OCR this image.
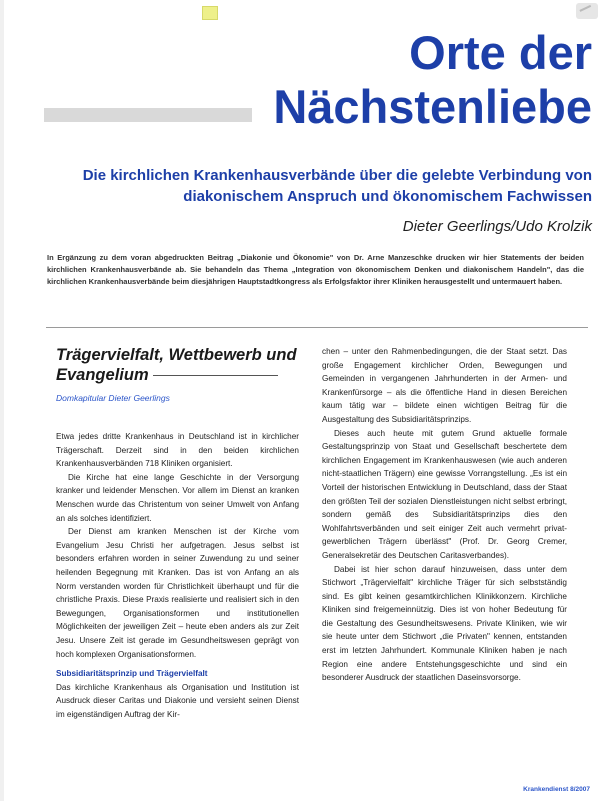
Orte der
Nächstenliebe
Die kirchlichen Krankenhausverbände über die gelebte Verbindung von
diakonischem Anspruch und ökonomischem Fachwissen
Dieter Geerlings/Udo Krolzik
In Ergänzung zu dem voran abgedruckten Beitrag „Diakonie und Ökonomie" von Dr. Arne Manzeschke drucken wir hier Statements der beiden kirchlichen Krankenhausverbände ab. Sie behandeln das Thema „Integration von ökonomischem Denken und diakonischem Handeln", das die kirchlichen Krankenhausverbände beim diesjährigen Hauptstadtkongress als Erfolgsfaktor ihrer Kliniken herausgestellt und untermauert haben.
Trägervielfalt, Wettbewerb und
Evangelium
Domkapitular Dieter Geerlings

Etwa jedes dritte Krankenhaus in Deutschland ist in kirchlicher Trägerschaft. Derzeit sind in den beiden kirchlichen Krankenhausverbänden 718 Kliniken organisiert.

Die Kirche hat eine lange Geschichte in der Versorgung kranker und leidender Menschen. Vor allem im Dienst an kranken Menschen wurde das Christentum von seiner Umwelt von Anfang an als solches identifiziert.

Der Dienst am kranken Menschen ist der Kirche vom Evangelium Jesu Christi her aufgetragen. Jesus selbst ist besonders erfahren worden in seiner Zuwendung zu und seiner heilenden Begegnung mit Kranken. Das ist von Anfang an als Norm verstanden worden für Christlichkeit überhaupt und für die christliche Praxis. Diese Praxis realisierte und realisiert sich in den Bewegungen, Organisationsformen und institutionellen Möglichkeiten der jeweiligen Zeit – heute eben anders als zur Zeit Jesu. Unsere Zeit ist gerade im Gesundheitswesen geprägt von hoch komplexen Organisationsformen.

Subsidiaritätsprinzip und Trägervielfalt

Das kirchliche Krankenhaus als Organisation und Institution ist Ausdruck dieser Caritas und Diakonie und versieht seinen Dienst im eigenständigen Auftrag der Kir-

chen – unter den Rahmenbedingungen, die der Staat setzt. Das große Engagement kirchlicher Orden, Bewegungen und Gemeinden in vergangenen Jahrhunderten in der Armen- und Krankenfürsorge – als die öffentliche Hand in diesen Bereichen kaum tätig war – bildete einen wichtigen Beitrag für die Ausgestaltung des Subsidiaritätsprinzips.

Dieses auch heute mit gutem Grund aktuelle formale Gestaltungsprinzip von Staat und Gesellschaft beschertete dem kirchlichen Engagement im Krankenhauswesen (wie auch anderen nicht-staatlichen Trägern) eine gewisse Vorrangstellung. „Es ist ein Vorteil der historischen Entwicklung in Deutschland, dass der Staat den größten Teil der sozialen Dienstleistungen nicht selbst erbringt, sondern gemäß des Subsidiaritätsprinzips dies den Wohlfahrtsverbänden und seit einiger Zeit auch vermehrt privat-gewerblichen Trägern überlässt" (Prof. Dr. Georg Cremer, Generalsekretär des Deutschen Caritasverbandes).

Dabei ist hier schon darauf hinzuweisen, dass unter dem Stichwort „Trägervielfalt" kirchliche Träger für sich selbstständig sind. Es gibt keinen gesamtkirchlichen Klinikkonzern. Kirchliche Kliniken sind freigemeinnützig. Dies ist von hoher Bedeutung für die Gestaltung des Gesundheitswesens. Private Kliniken, wie wir sie heute unter dem Stichwort „die Privaten" kennen, entstanden erst im letzten Jahrhundert. Kommunale Kliniken haben je nach Region eine andere Entstehungsgeschichte und sind ein besonderer Ausdruck der staatlichen Daseinsvorsorge.

Krankendienst 8/2007
